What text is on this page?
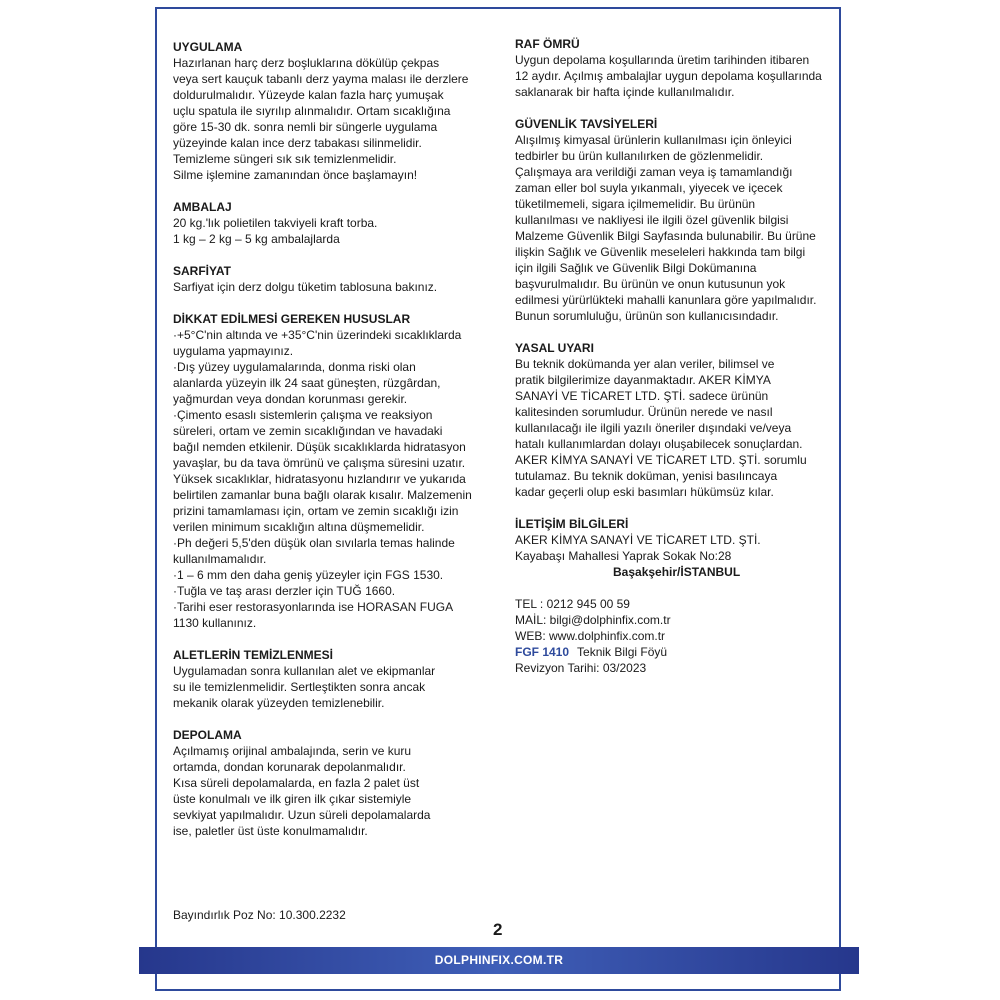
UYGULAMA
Hazırlanan harç derz boşluklarına dökülüp çekpas
veya sert kauçuk tabanlı derz yayma malası ile derzlere
doldurulmalıdır. Yüzeyde kalan fazla harç yumuşak
uçlu spatula ile sıyrılıp alınmalıdır. Ortam sıcaklığına
göre 15-30 dk. sonra nemli bir süngerle uygulama
yüzeyinde kalan ince derz tabakası silinmelidir.
Temizleme süngeri sık sık temizlenmelidir.
Silme işlemine zamanından önce başlamayın!
AMBALAJ
20 kg.'lık polietilen takviyeli kraft torba.
1 kg – 2 kg – 5 kg ambalajlarda
SARFİYAT
Sarfiyat için derz dolgu tüketim tablosuna bakınız.
DİKKAT EDİLMESİ GEREKEN HUSUSLAR
·+5°C'nin altında ve +35°C'nin üzerindeki sıcaklıklarda
uygulama yapmayınız.
·Dış yüzey uygulamalarında, donma riski olan
alanlarda yüzeyin ilk 24 saat güneşten, rüzgârdan,
yağmurdan veya dondan korunması gerekir.
·Çimento esaslı sistemlerin çalışma ve reaksiyon
süreleri, ortam ve zemin sıcaklığından ve havadaki
bağıl nemden etkilenir. Düşük sıcaklıklarda hidratasyon
yavaşlar, bu da tava ömrünü ve çalışma süresini uzatır.
Yüksek sıcaklıklar, hidratasyonu hızlandırır ve yukarıda
belirtilen zamanlar buna bağlı olarak kısalır. Malzemenin
prizini tamamlaması için, ortam ve zemin sıcaklığı izin
verilen minimum sıcaklığın altına düşmemelidir.
·Ph değeri 5,5'den düşük olan sıvılarla temas halinde
kullanılmamalıdır.
·1 – 6 mm den daha geniş yüzeyler için FGS 1530.
·Tuğla ve taş arası derzler için TUĞ 1660.
·Tarihi eser restorasyonlarında ise HORASAN FUGA
1130 kullanınız.
ALETLERİN TEMİZLENMESİ
Uygulamadan sonra kullanılan alet ve ekipmanlar
su ile temizlenmelidir. Sertleştikten sonra ancak
mekanik olarak yüzeyden temizlenebilir.
DEPOLAMA
Açılmamış orijinal ambalajında, serin ve kuru
ortamda, dondan korunarak depolanmalıdır.
Kısa süreli depolamalarda, en fazla 2 palet üst
üste konulmalı ve ilk giren ilk çıkar sistemiyle
sevkiyat yapılmalıdır. Uzun süreli depolamalarda
ise, paletler üst üste konulmamalıdır.
RAF ÖMRÜ
Uygun depolama koşullarında üretim tarihinden itibaren
12 aydır. Açılmış ambalajlar uygun depolama koşullarında
saklanarak bir hafta içinde kullanılmalıdır.
GÜVENLİK TAVSİYELERİ
Alışılmış kimyasal ürünlerin kullanılması için önleyici
tedbirler bu ürün kullanılırken de gözlenmelidir.
Çalışmaya ara verildiği zaman veya iş tamamlandığı
zaman eller bol suyla yıkanmalı, yiyecek ve içecek
tüketilmemeli, sigara içilmemelidir. Bu ürünün
kullanılması ve nakliyesi ile ilgili özel güvenlik bilgisi
Malzeme Güvenlik Bilgi Sayfasında bulunabilir. Bu ürüne
ilişkin Sağlık ve Güvenlik meseleleri hakkında tam bilgi
için ilgili Sağlık ve Güvenlik Bilgi Dokümanına
başvurulmalıdır. Bu ürünün ve onun kutusunun yok
edilmesi yürürlükteki mahalli kanunlara göre yapılmalıdır.
Bunun sorumluluğu, ürünün son kullanıcısındadır.
YASAL UYARI
Bu teknik dokümanda yer alan veriler, bilimsel ve
pratik bilgilerimize dayanmaktadır. AKER KİMYA
SANAYİ VE TİCARET LTD. ŞTİ. sadece ürünün
kalitesinden sorumludur. Ürünün nerede ve nasıl
kullanılacağı ile ilgili yazılı öneriler dışındaki ve/veya
hatalı kullanımlardan dolayı oluşabilecek sonuçlardan.
AKER KİMYA SANAYİ VE TİCARET LTD. ŞTİ. sorumlu
tutulamaz. Bu teknik doküman, yenisi basılıncaya
kadar geçerli olup eski basımları hükümsüz kılar.
İLETİŞİM BİLGİLERİ
AKER KİMYA SANAYİ VE TİCARET LTD. ŞTİ.
Kayabaşı Mahallesi Yaprak Sokak No:28
Başakşehir/İSTANBUL
TEL : 0212 945 00 59
MAİL: bilgi@dolphinfix.com.tr
WEB: www.dolphinfix.com.tr
FGF 1410 Teknik Bilgi Föyü
Revizyon Tarihi: 03/2023
Bayındırlık Poz No: 10.300.2232
2
DOLPHINFIX.COM.TR
